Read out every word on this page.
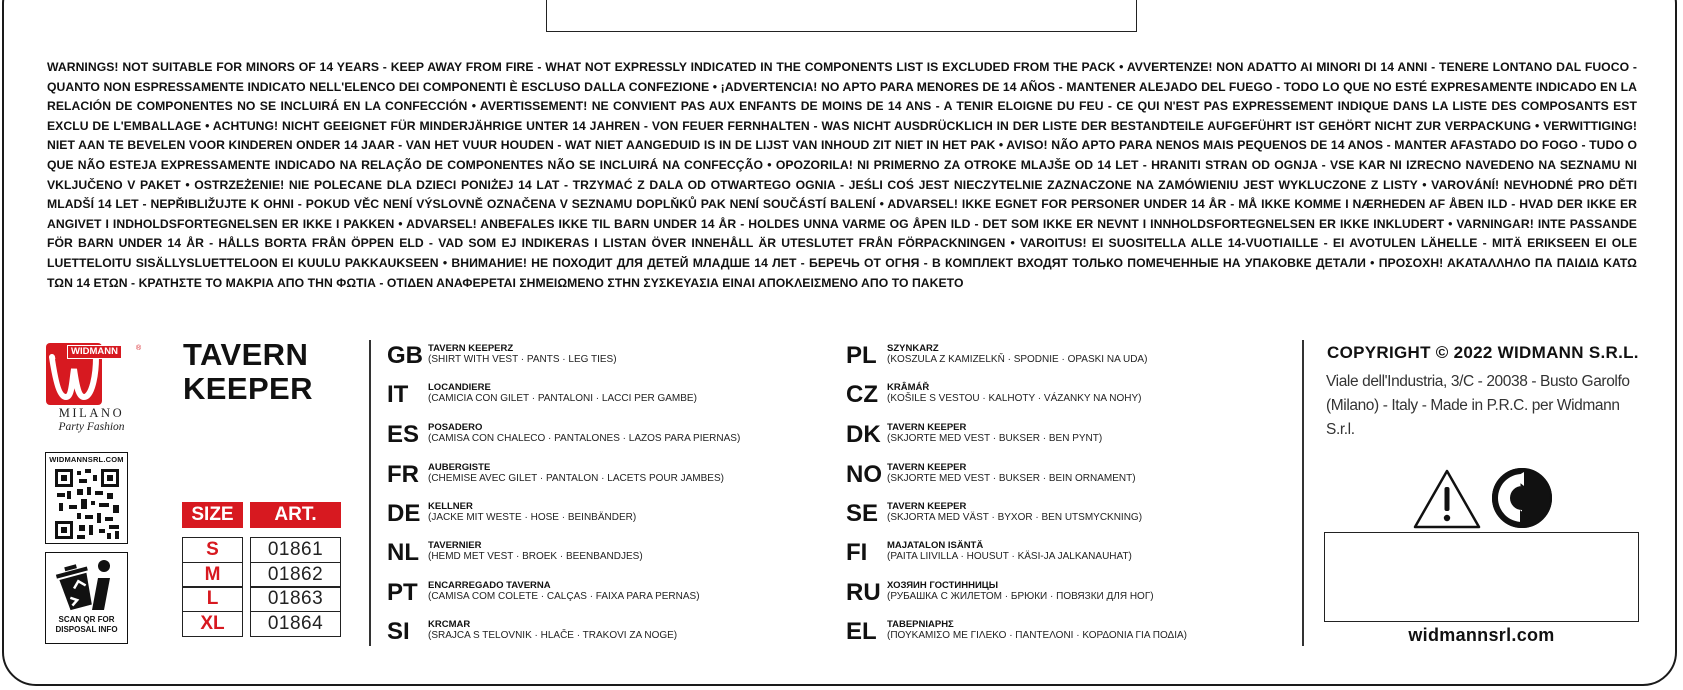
WARNINGS! NOT SUITABLE FOR MINORS OF 14 YEARS - KEEP AWAY FROM FIRE - WHAT NOT EXPRESSLY INDICATED IN THE COMPONENTS LIST IS EXCLUDED FROM THE PACK • AVVERTENZE! NON ADATTO AI MINORI DI 14 ANNI - TENERE LONTANO DAL FUOCO - QUANTO NON ESPRESSAMENTE INDICATO NELL'ELENCO DEI COMPONENTI È ESCLUSO DALLA CONFEZIONE • ¡ADVERTENCIA! NO APTO PARA MENORES DE 14 AÑOS - MANTENER ALEJADO DEL FUEGO - TODO LO QUE NO ESTÉ EXPRESAMENTE INDICADO EN LA RELACIÓN DE COMPONENTES NO SE INCLUIRÁ EN LA CONFECCIÓN • AVERTISSEMENT! NE CONVIENT PAS AUX ENFANTS DE MOINS DE 14 ANS - A TENIR ELOIGNE DU FEU - CE QUI N'EST PAS EXPRESSEMENT INDIQUE DANS LA LISTE DES COMPOSANTS EST EXCLU DE L'EMBALLAGE • ACHTUNG! NICHT GEEIGNET FÜR MINDERJÄHRIGE UNTER 14 JAHREN - VON FEUER FERNHALTEN - WAS NICHT AUSDRÜCKLICH IN DER LISTE DER BESTANDTEILE AUFGEFÜHRT IST GEHÖRT NICHT ZUR VERPACKUNG • VERWITTIGING! NIET AAN TE BEVELEN VOOR KINDEREN ONDER 14 JAAR - VAN HET VUUR HOUDEN - WAT NIET AANGEDUID IS IN DE LIJST VAN INHOUD ZIT NIET IN HET PAK • AVISO! NÃO APTO PARA NENOS MAIS PEQUENOS DE 14 ANOS - MANTER AFASTADO DO FOGO - TUDO O QUE NÃO ESTEJA EXPRESSAMENTE INDICADO NA RELAÇÃO DE COMPONENTES NÃO SE INCLUIRÁ NA CONFECÇÃO • OPOZORILA! NI PRIMERNO ZA OTROKE MLAJŠE OD 14 LET - HRANITI STRAN OD OGNJA - VSE KAR NI IZRECNO NAVEDENO NA SEZNAMU NI VKLJUČENO V PAKET • OSTRZEŻENIE! NIE POLECANE DLA DZIECI PONIŻEJ 14 LAT - TRZYMAĆ Z DALA OD OTWARTEGO OGNIA - JEŚLI COŚ JEST NIECZYTELNIE ZAZNACZONE NA ZAMÓWIENIU JEST WYKLUCZONE Z LISTY • VAROVÁNÍ! NEVHODNÉ PRO DĚTI MLADŠÍ 14 LET - NEPŘIBLIŽUJTE K OHNI - POKUD VĚC NENÍ VÝSLOVNĚ OZNAČENA V SEZNAMU DOPLŇKŮ PAK NENÍ SOUČÁSTÍ BALENÍ • ADVARSEL! IKKE EGNET FOR PERSONER UNDER 14 ÅR - MÅ IKKE KOMME I NÆRHEDEN AF ÅBEN ILD - HVAD DER IKKE ER ANGIVET I INDHOLDSFORTEGNELSEN ER IKKE I PAKKEN • ADVARSEL! ANBEFALES IKKE TIL BARN UNDER 14 ÅR - HOLDES UNNA VARME OG ÅPEN ILD - DET SOM IKKE ER NEVNT I INNHOLDSFORTEGNELSEN ER IKKE INKLUDERT • VARNINGAR! INTE PASSANDE FÖR BARN UNDER 14 ÅR - HÅLLS BORTA FRÅN ÖPPEN ELD - VAD SOM EJ INDIKERAS I LISTAN ÖVER INNEHÅLL ÄR UTESLUTET FRÅN FÖRPACKNINGEN • VAROITUS! EI SUOSITELLA ALLE 14-VUOTIAILLE - EI AVOTULEN LÄHELLE - MITÄ ERIKSEEN EI OLE LUETTELOITU SISÄLLYSLUETTELOON EI KUULU PAKKAUKSEEN • ВНИМАНИЕ! НЕ ПОХОДИТ ДЛЯ ДЕТЕЙ МЛАДШЕ 14 ЛЕТ - БЕРЕЧЬ ОТ ОГНЯ - В КОМПЛЕКТ ВХОДЯТ ТОЛЬКО ПОМЕЧЕННЫЕ НА УПАКОВКЕ ДЕТАЛИ • ΠΡΟΣΟΧΗ! ΑΚΑΤΑΛΛΗΛΟ ΠΑ ΠΑΙΔΙΔ ΚΑΤΩ ΤΩΝ 14 ΕΤΩΝ - ΚΡΑΤΗΣΤΕ ΤΟ ΜΑΚΡΙΑ ΑΠΟ ΤΗΝ ΦΩΤΙΑ - ΟΤΙΔΕΝ ΑΝΑΦΕΡΕΤΑΙ ΣΗΜΕΙΩΜΕΝΟ ΣΤΗΝ ΣΥΣΚΕΥΑΣΙΑ ΕΙΝΑΙ ΑΠΟΚΛΕΙΣΜΕΝΟ ΑΠΟ ΤΟ ΠΑΚΕΤΟ
WIDMANN	®
MILANO
Party Fashion
WIDMANNSRL.COM
SCAN QR FOR
DISPOSAL INFO
TAVERN
KEEPER
SIZE	ART.
S	01861
M	01862
L	01863
XL	01864
GB TAVERN KEEPERZ
(SHIRT WITH VEST · PANTS · LEG TIES)
IT LOCANDIERE
(CAMICIA CON GILET · PANTALONI · LACCI PER GAMBE)
ES POSADERO
(CAMISA CON CHALECO · PANTALONES · LAZOS PARA PIERNAS)
FR AUBERGISTE
(CHEMISE AVEC GILET · PANTALON · LACETS POUR JAMBES)
DE KELLNER
(JACKE MIT WESTE · HOSE · BEINBÄNDER)
NL TAVERNIER
(HEMD MET VEST · BROEK · BEENBANDJES)
PT ENCARREGADO TAVERNA
(CAMISA COM COLETE · CALÇAS · FAIXA PARA PERNAS)
SI KRCMAR
(SRAJCA S TELOVNIK · HLAČE · TRAKOVI ZA NOGE)
PL SZYNKARZ
(KOSZULA Z KAMIZELKŇ · SPODNIE · OPASKI NA UDA)
CZ KRÂMÁŘ
(KOŠILE S VESTOU · KALHOTY · VÁZANKY NA NOHY)
DK TAVERN KEEPER
(SKJORTE MED VEST · BUKSER · BEN PYNT)
NO TAVERN KEEPER
(SKJORTE MED VEST · BUKSER · BEIN ORNAMENT)
SE TAVERN KEEPER
(SKJORTA MED VÄST · BYXOR · BEN UTSMYCKNING)
FI MAJATALON ISÄNTÄ
(PAITA LIIVILLA · HOUSUT · KÄSI-JA JALKANAUHAT)
RU ХОЗЯИН ГОСТИННИЦЫ
(РУБАШКА С ЖИЛЕТОМ · БРЮКИ · ПОВЯЗКИ ДЛЯ НОГ)
EL ΤΑΒΕΡΝΙΑΡΗΣ
(ΠΟΥΚΑΜΙΣΟ ΜΕ ΓΙΛΕΚΟ · ΠΑΝΤΕΛΟΝΙ · ΚΟΡΔΟΝΙΑ ΓΙΑ ΠΟΔΙΑ)
COPYRIGHT © 2022 WIDMANN S.R.L.
Viale dell'Industria, 3/C - 20038 - Busto Garolfo
(Milano) - Italy - Made in P.R.C. per Widmann S.r.l.
widmannsrl.com
